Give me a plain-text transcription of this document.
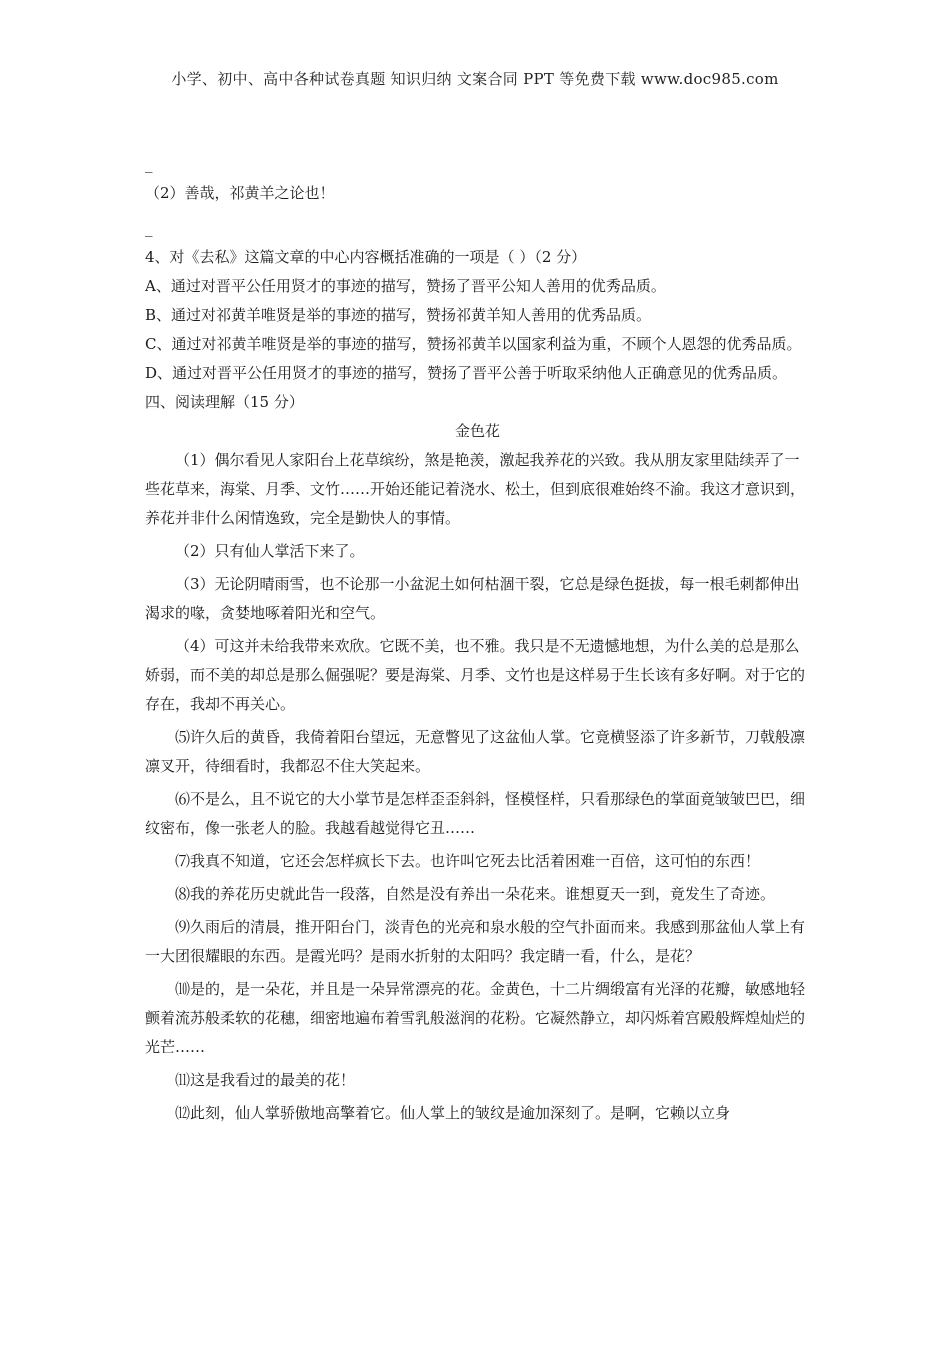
小学、初中、高中各种试卷真题 知识归纳 文案合同 PPT 等免费下载 www.doc985.com

_

（2）善哉，祁黄羊之论也！

_

4、对《去私》这篇文章的中心内容概括准确的一项是（ ）（2 分）

A、通过对晋平公任用贤才的事迹的描写，赞扬了晋平公知人善用的优秀品质。

B、通过对祁黄羊唯贤是举的事迹的描写，赞扬祁黄羊知人善用的优秀品质。

C、通过对祁黄羊唯贤是举的事迹的描写，赞扬祁黄羊以国家利益为重，不顾个人恩怨的优秀品质。

D、通过对晋平公任用贤才的事迹的描写，赞扬了晋平公善于听取采纳他人正确意见的优秀品质。

四、阅读理解（15 分）

金色花

（1）偶尔看见人家阳台上花草缤纷，煞是艳羡，激起我养花的兴致。我从朋友家里陆续弄了一些花草来，海棠、月季、文竹……开始还能记着浇水、松土，但到底很难始终不渝。我这才意识到，养花并非什么闲情逸致，完全是勤快人的事情。

（2）只有仙人掌活下来了。

（3）无论阴晴雨雪，也不论那一小盆泥土如何枯涸干裂，它总是绿色挺拔，每一根毛刺都伸出渴求的喙，贪婪地啄着阳光和空气。

（4）可这并未给我带来欢欣。它既不美，也不雅。我只是不无遗憾地想，为什么美的总是那么娇弱，而不美的却总是那么倔强呢？要是海棠、月季、文竹也是这样易于生长该有多好啊。对于它的存在，我却不再关心。

⑸许久后的黄昏，我倚着阳台望远，无意瞥见了这盆仙人掌。它竟横竖添了许多新节，刀戟般凛凛叉开，待细看时，我都忍不住大笑起来。

⑹不是么，且不说它的大小掌节是怎样歪歪斜斜，怪模怪样，只看那绿色的掌面竟皱皱巴巴，细纹密布，像一张老人的脸。我越看越觉得它丑……

⑺我真不知道，它还会怎样疯长下去。也许叫它死去比活着困难一百倍，这可怕的东西！

⑻我的养花历史就此告一段落，自然是没有养出一朵花来。谁想夏天一到，竟发生了奇迹。

⑼久雨后的清晨，推开阳台门，淡青色的光亮和泉水般的空气扑面而来。我感到那盆仙人掌上有一大团很耀眼的东西。是霞光吗？是雨水折射的太阳吗？我定睛一看，什么，是花？

⑽是的，是一朵花，并且是一朵异常漂亮的花。金黄色，十二片绸缎富有光泽的花瓣，敏感地轻颤着流苏般柔软的花穗，细密地遍布着雪乳般滋润的花粉。它凝然静立，却闪烁着宫殿般辉煌灿烂的光芒……

⑾这是我看过的最美的花！

⑿此刻，仙人掌骄傲地高擎着它。仙人掌上的皱纹是逾加深刻了。是啊，它赖以立身
